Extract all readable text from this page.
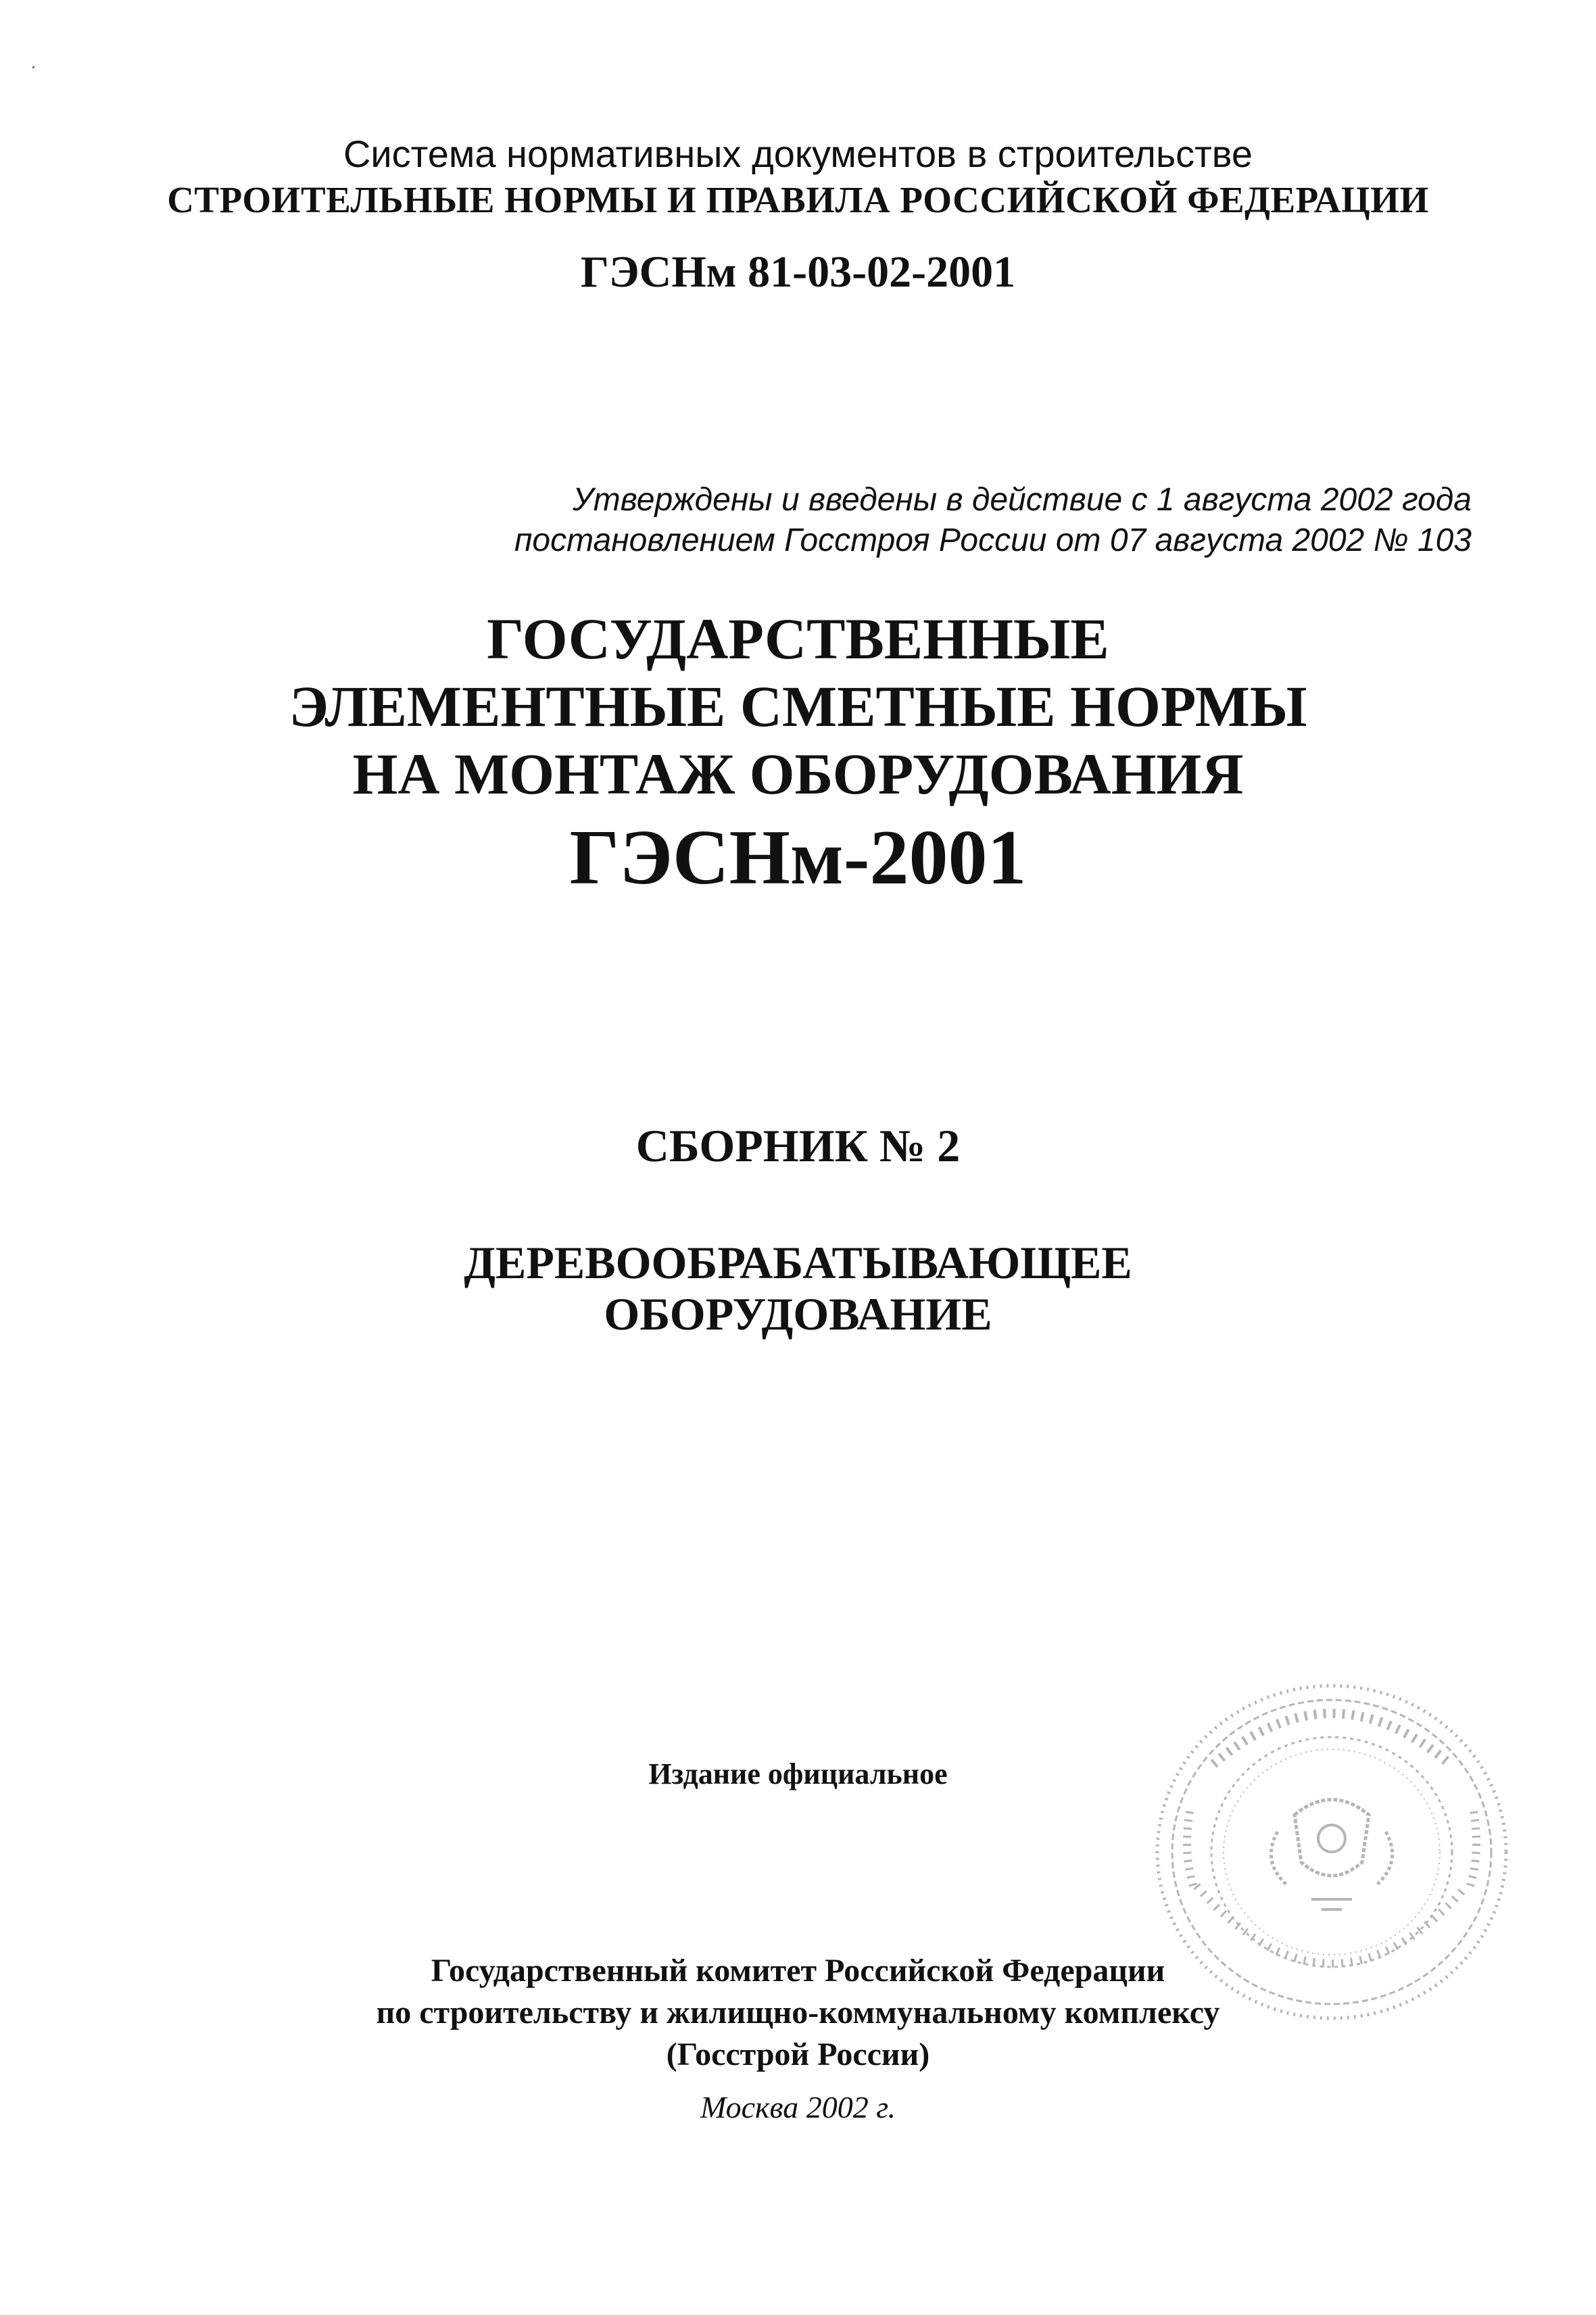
Система нормативных документов в строительстве
СТРОИТЕЛЬНЫЕ НОРМЫ И ПРАВИЛА РОССИЙСКОЙ ФЕДЕРАЦИИ
ГЭСНм 81-03-02-2001
Утверждены и введены в действие с 1 августа 2002 года
постановлением Госстроя России от 07 августа 2002 № 103
ГОСУДАРСТВЕННЫЕ
ЭЛЕМЕНТНЫЕ СМЕТНЫЕ НОРМЫ
НА МОНТАЖ ОБОРУДОВАНИЯ
ГЭСНм-2001
СБОРНИК № 2
ДЕРЕВООБРАБАТЫВАЮЩЕЕ
ОБОРУДОВАНИЕ
Издание официальное
Государственный комитет Российской Федерации
по строительству и жилищно-коммунальному комплексу
(Госстрой России)
Москва 2002 г.
